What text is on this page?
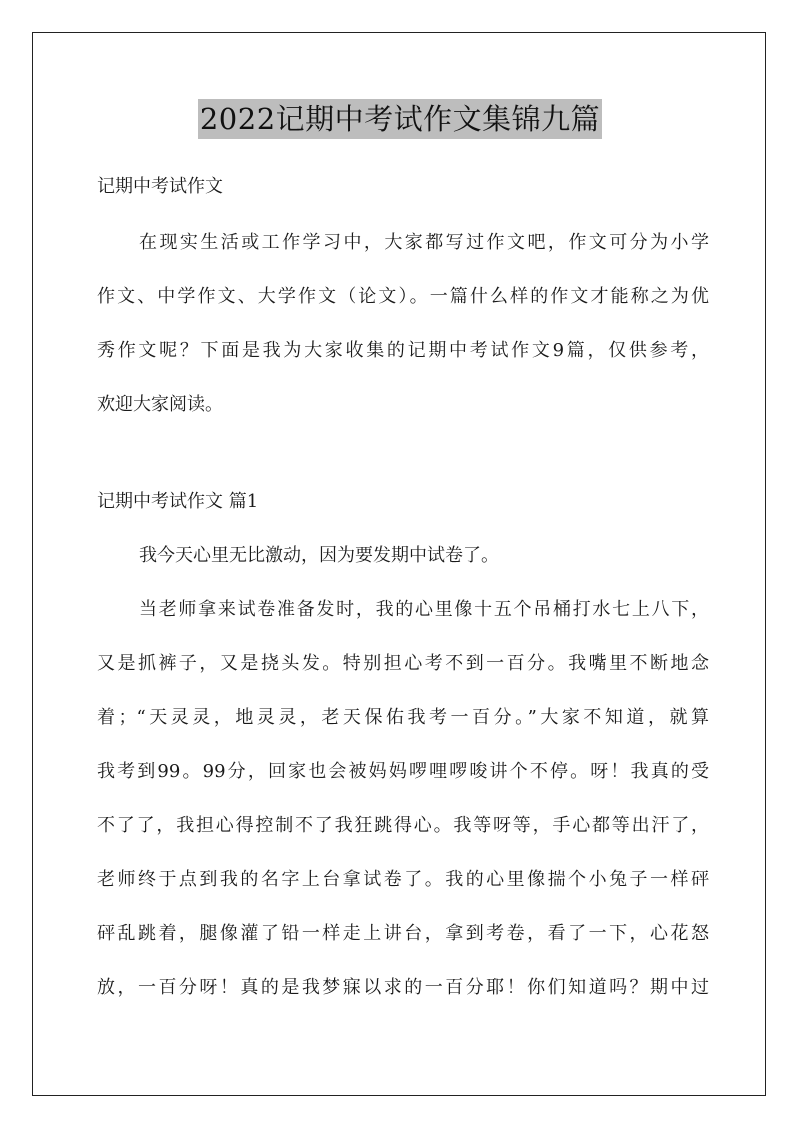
2022记期中考试作文集锦九篇
记期中考试作文
在现实生活或工作学习中，大家都写过作文吧，作文可分为小学
作文、中学作文、大学作文（论文）。一篇什么样的作文才能称之为优
秀作文呢？下面是我为大家收集的记期中考试作文9篇，仅供参考，
欢迎大家阅读。
记期中考试作文 篇1
我今天心里无比激动，因为要发期中试卷了。
当老师拿来试卷准备发时，我的心里像十五个吊桶打水七上八下，
又是抓裤子，又是挠头发。特别担心考不到一百分。我嘴里不断地念
着；“天灵灵，地灵灵，老天保佑我考一百分。”大家不知道，就算
我考到99。99分，回家也会被妈妈啰哩啰唆讲个不停。呀！我真的受
不了了，我担心得控制不了我狂跳得心。我等呀等，手心都等出汗了，
老师终于点到我的名字上台拿试卷了。我的心里像揣个小兔子一样砰
砰乱跳着，腿像灌了铅一样走上讲台，拿到考卷，看了一下，心花怒
放，一百分呀！真的是我梦寐以求的一百分耶！你们知道吗？期中过
